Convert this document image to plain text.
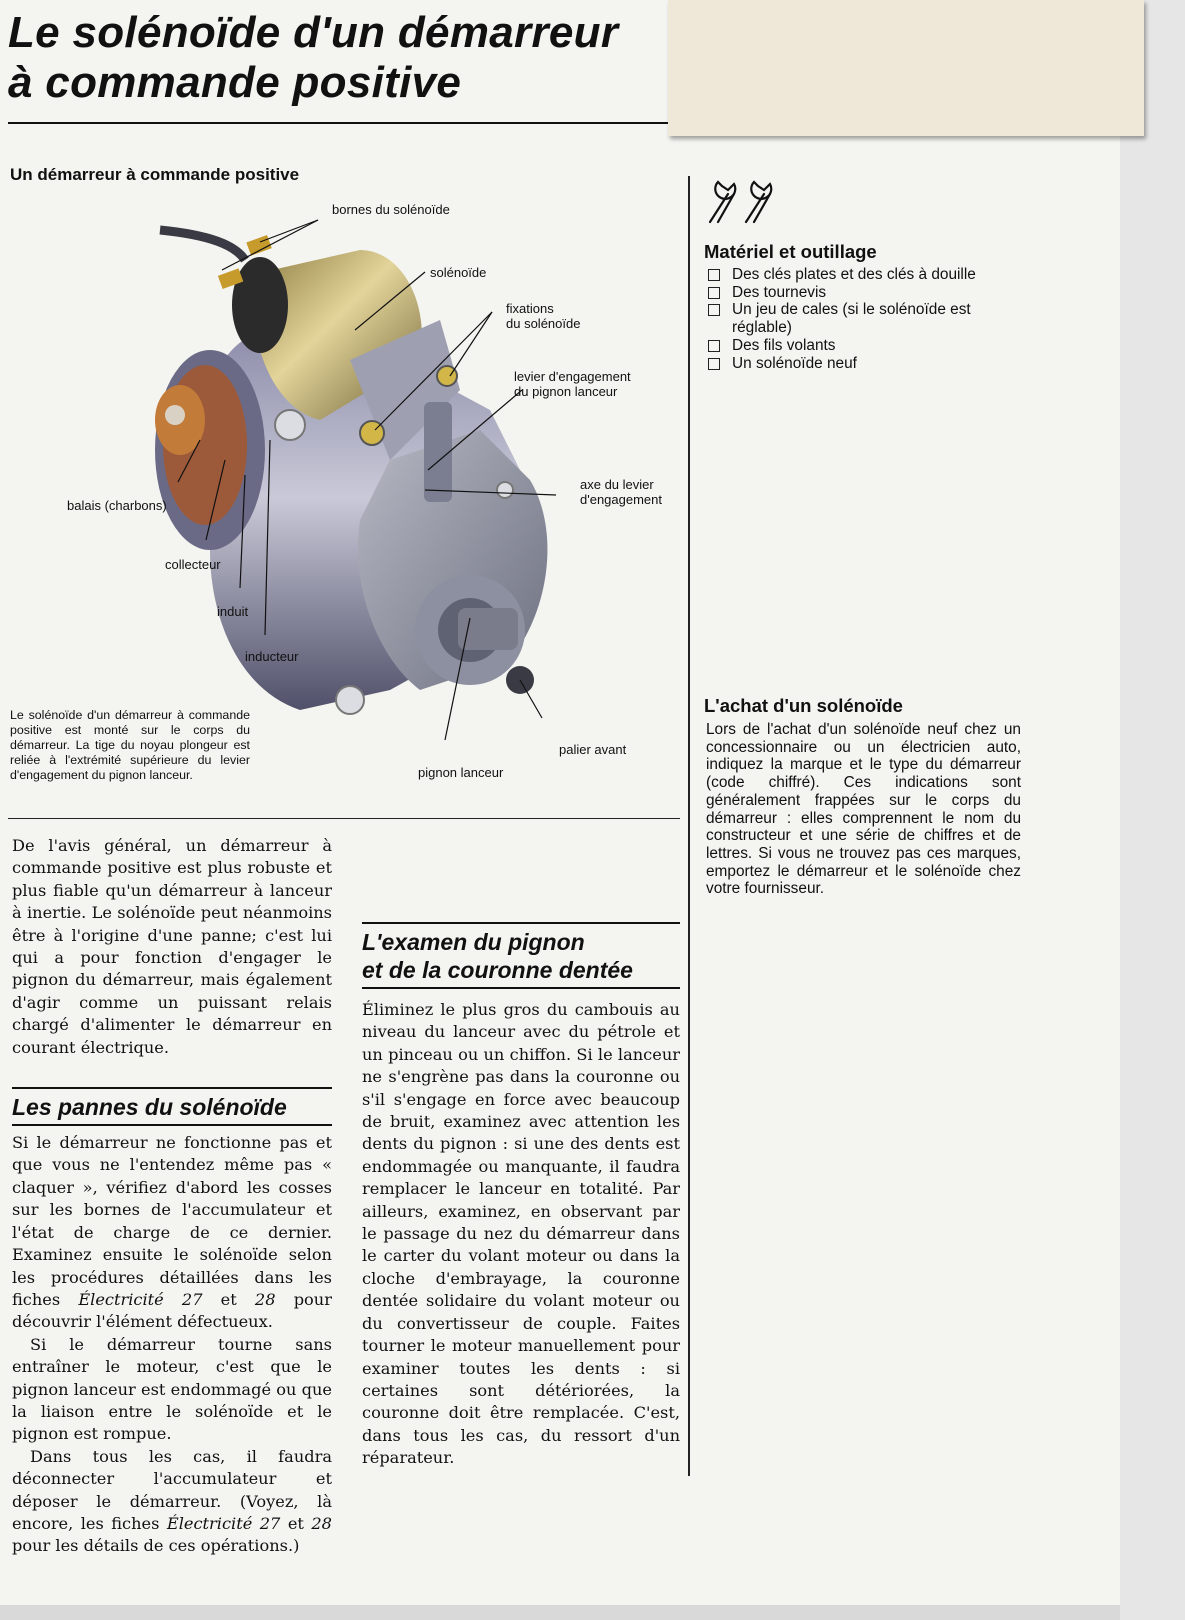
Le solénoïde d'un démarreur
à commande positive
Un démarreur à commande positive
bornes du solénoïde
solénoïde
fixations
du solénoïde
levier d'engagement
du pignon lanceur
axe du levier
d'engagement
balais (charbons)
collecteur
induit
inducteur
palier avant
pignon lanceur
Le solénoïde d'un démarreur à commande positive est monté sur le corps du démarreur. La tige du noyau plongeur est reliée à l'extrémité supérieure du levier d'engagement du pignon lanceur.

De l'avis général, un démarreur à commande positive est plus robuste et plus fiable qu'un démarreur à lanceur à inertie. Le solénoïde peut néanmoins être à l'origine d'une panne; c'est lui qui a pour fonction d'engager le pignon du démarreur, mais également d'agir comme un puissant relais chargé d'alimenter le démarreur en courant électrique.

Les pannes du solénoïde

Si le démarreur ne fonctionne pas et que vous ne l'entendez même pas « claquer », vérifiez d'abord les cosses sur les bornes de l'accumulateur et l'état de charge de ce dernier. Examinez ensuite le solénoïde selon les procédures détaillées dans les fiches Électricité 27 et 28 pour découvrir l'élément défectueux.

Si le démarreur tourne sans entraîner le moteur, c'est que le pignon lanceur est endommagé ou que la liaison entre le solénoïde et le pignon est rompue.

Dans tous les cas, il faudra déconnecter l'accumulateur et déposer le démarreur. (Voyez, là encore, les fiches Électricité 27 et 28 pour les détails de ces opérations.)

L'examen du pignon
et de la couronne dentée

Éliminez le plus gros du cambouis au niveau du lanceur avec du pétrole et un pinceau ou un chiffon. Si le lanceur ne s'engrène pas dans la couronne ou s'il s'engage en force avec beaucoup de bruit, examinez avec attention les dents du pignon : si une des dents est endommagée ou manquante, il faudra remplacer le lanceur en totalité. Par ailleurs, examinez, en observant par le passage du nez du démarreur dans le carter du volant moteur ou dans la cloche d'embrayage, la couronne dentée solidaire du volant moteur ou du convertisseur de couple. Faites tourner le moteur manuellement pour examiner toutes les dents : si certaines sont détériorées, la couronne doit être remplacée. C'est, dans tous les cas, du ressort d'un réparateur.

Matériel et outillage
Des clés plates et des clés à douille
Des tournevis
Un jeu de cales (si le solénoïde est réglable)
Des fils volants
Un solénoïde neuf
L'achat d'un solénoïde

Lors de l'achat d'un solénoïde neuf chez un concessionnaire ou un électricien auto, indiquez la marque et le type du démarreur (code chiffré). Ces indications sont généralement frappées sur le corps du démarreur : elles comprennent le nom du constructeur et une série de chiffres et de lettres. Si vous ne trouvez pas ces marques, emportez le démarreur et le solénoïde chez votre fournisseur.
